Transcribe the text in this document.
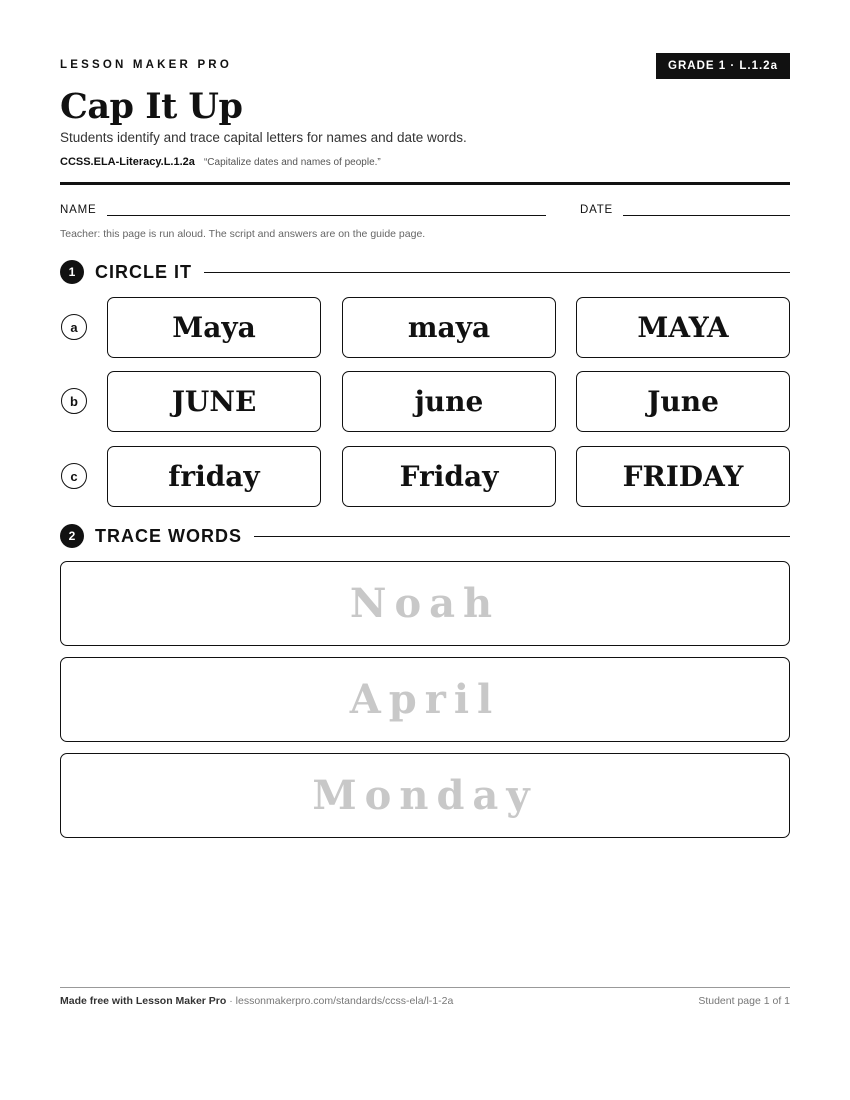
LESSON MAKER PRO	GRADE 1 · L.1.2a
Cap It Up
Students identify and trace capital letters for names and date words.
CCSS.ELA-Literacy.L.1.2a “Capitalize dates and names of people.”
NAME	DATE
Teacher: this page is run aloud. The script and answers are on the guide page.
1	CIRCLE IT
a	Maya	maya	MAYA
b	JUNE	june	June
c	friday	Friday	FRIDAY
2	TRACE WORDS
Noah
April
Monday
Made free with Lesson Maker Pro · lessonmakerpro.com/standards/ccss-ela/l-1-2a	Student page 1 of 1
